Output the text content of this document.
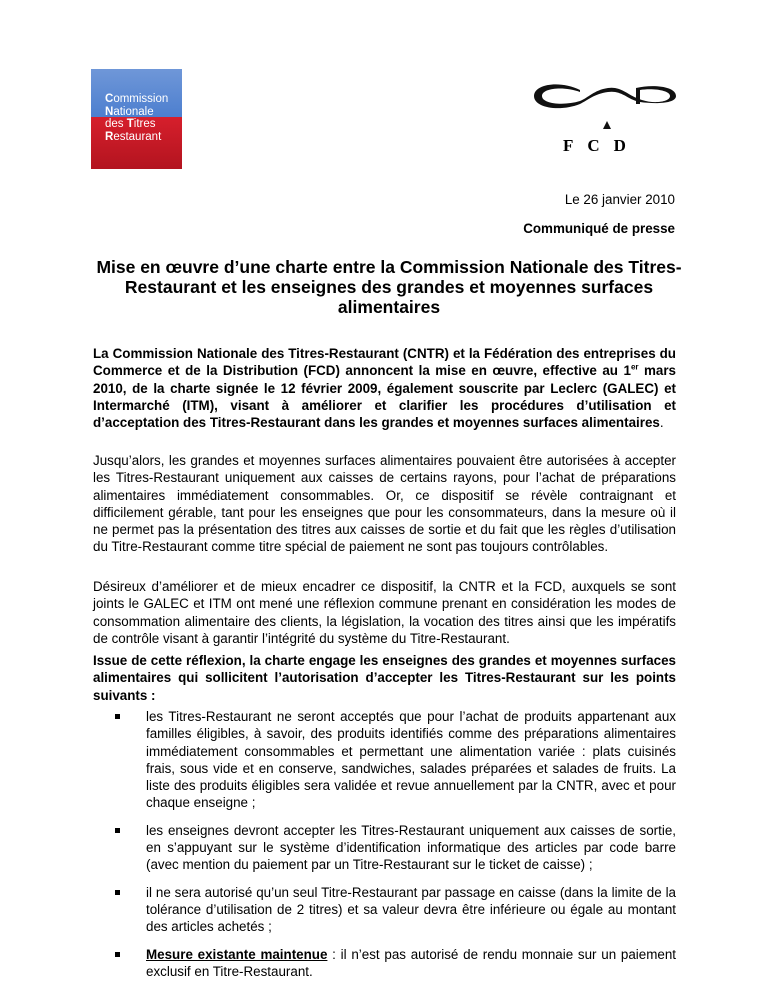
Commission
Nationale
des Titres
Restaurant	FCD
Le 26 janvier 2010
Communiqué de presse
Mise en œuvre d’une charte entre la Commission Nationale des Titres-Restaurant et les enseignes des grandes et moyennes surfaces alimentaires
La Commission Nationale des Titres-Restaurant (CNTR) et la Fédération des entreprises du Commerce et de la Distribution (FCD) annoncent la mise en œuvre, effective au 1er mars 2010, de la charte signée le 12 février 2009, également souscrite par Leclerc (GALEC) et Intermarché (ITM), visant à améliorer et clarifier les procédures d’utilisation et d’acceptation des Titres-Restaurant dans les grandes et moyennes surfaces alimentaires.
Jusqu’alors, les grandes et moyennes surfaces alimentaires pouvaient être autorisées à accepter les Titres-Restaurant uniquement aux caisses de certains rayons, pour l’achat de préparations alimentaires immédiatement consommables. Or, ce dispositif se révèle contraignant et difficilement gérable, tant pour les enseignes que pour les consommateurs, dans la mesure où il ne permet pas la présentation des titres aux caisses de sortie et du fait que les règles d’utilisation du Titre-Restaurant comme titre spécial de paiement ne sont pas toujours contrôlables.
Désireux d’améliorer et de mieux encadrer ce dispositif, la CNTR et la FCD, auxquels se sont joints le GALEC et ITM ont mené une réflexion commune prenant en considération les modes de consommation alimentaire des clients, la législation, la vocation des titres ainsi que les impératifs de contrôle visant à garantir l’intégrité du système du Titre-Restaurant.
Issue de cette réflexion, la charte engage les enseignes des grandes et moyennes surfaces alimentaires qui sollicitent l’autorisation d’accepter les Titres-Restaurant sur les points suivants :
les Titres-Restaurant ne seront acceptés que pour l’achat de produits appartenant aux familles éligibles, à savoir, des produits identifiés comme des préparations alimentaires immédiatement consommables et permettant une alimentation variée : plats cuisinés frais, sous vide et en conserve, sandwiches, salades préparées et salades de fruits. La liste des produits éligibles sera validée et revue annuellement par la CNTR, avec et pour chaque enseigne ;
les enseignes devront accepter les Titres-Restaurant uniquement aux caisses de sortie, en s’appuyant sur le système d’identification informatique des articles par code barre (avec mention du paiement par un Titre-Restaurant sur le ticket de caisse) ;
il ne sera autorisé qu’un seul Titre-Restaurant par passage en caisse (dans la limite de la tolérance d’utilisation de 2 titres) et sa valeur devra être inférieure ou égale au montant des articles achetés ;
Mesure existante maintenue : il n’est pas autorisé de rendu monnaie sur un paiement exclusif en Titre-Restaurant.
